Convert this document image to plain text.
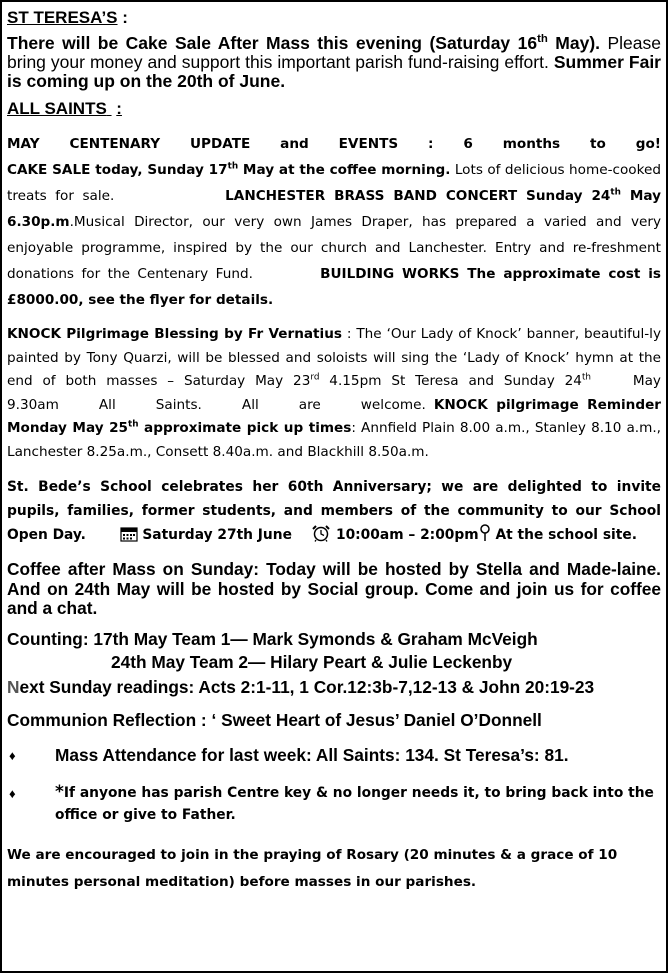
ST TERESA’S :

There will be Cake Sale After Mass this evening (Saturday 16th May). Please bring your money and support this important parish fund-raising effort. Summer Fair is coming up on the 20th of June.

ALL SAINTS :

MAY CENTENARY UPDATE and EVENTS : 6 months to go! CAKE SALE today, Sunday 17th May at the coffee morning. Lots of delicious home-cooked treats for sale.	LANCHESTER BRASS BAND CONCERT Sunday 24th May 6.30p.m.Musical Director, our very own James Draper, has prepared a varied and very enjoyable programme, inspired by the our church and Lanchester. Entry and re-freshment donations for the Centenary Fund.	BUILDING WORKS The approximate cost is £8000.00, see the flyer for details.

KNOCK Pilgrimage Blessing by Fr Vernatius : The ‘Our Lady of Knock’ banner, beautiful-ly painted by Tony Quarzi, will be blessed and soloists will sing the ‘Lady of Knock’ hymn at the end of both masses – Saturday May 23rd 4.15pm St Teresa and Sunday 24th May 9.30am All Saints. All are welcome. KNOCK pilgrimage Reminder Monday May 25th approximate pick up times: Annfield Plain 8.00 a.m., Stanley 8.10 a.m., Lanchester 8.25a.m., Consett 8.40a.m. and Blackhill 8.50a.m.

St. Bede’s School celebrates her 60th Anniversary; we are delighted to invite pupils, families, former students, and members of the community to our School Open Day.	Saturday 27th June	10:00am – 2:00pm At the school site.

Coffee after Mass on Sunday: Today will be hosted by Stella and Made-laine. And on 24th May will be hosted by Social group. Come and join us for coffee and a chat.

Counting: 17th May Team 1— Mark Symonds & Graham McVeigh

24th May Team 2— Hilary Peart & Julie Leckenby

Next Sunday readings: Acts 2:1-11, 1 Cor.12:3b-7,12-13 & John 20:19-23

Communion Reflection : ‘ Sweet Heart of Jesus’ Daniel O’Donnell

♦	Mass Attendance for last week: All Saints: 134. St Teresa’s: 81.
♦	*If anyone has parish Centre key & no longer needs it, to bring back into the office or give to Father.

We are encouraged to join in the praying of Rosary (20 minutes & a grace of 10 minutes personal meditation) before masses in our parishes.
